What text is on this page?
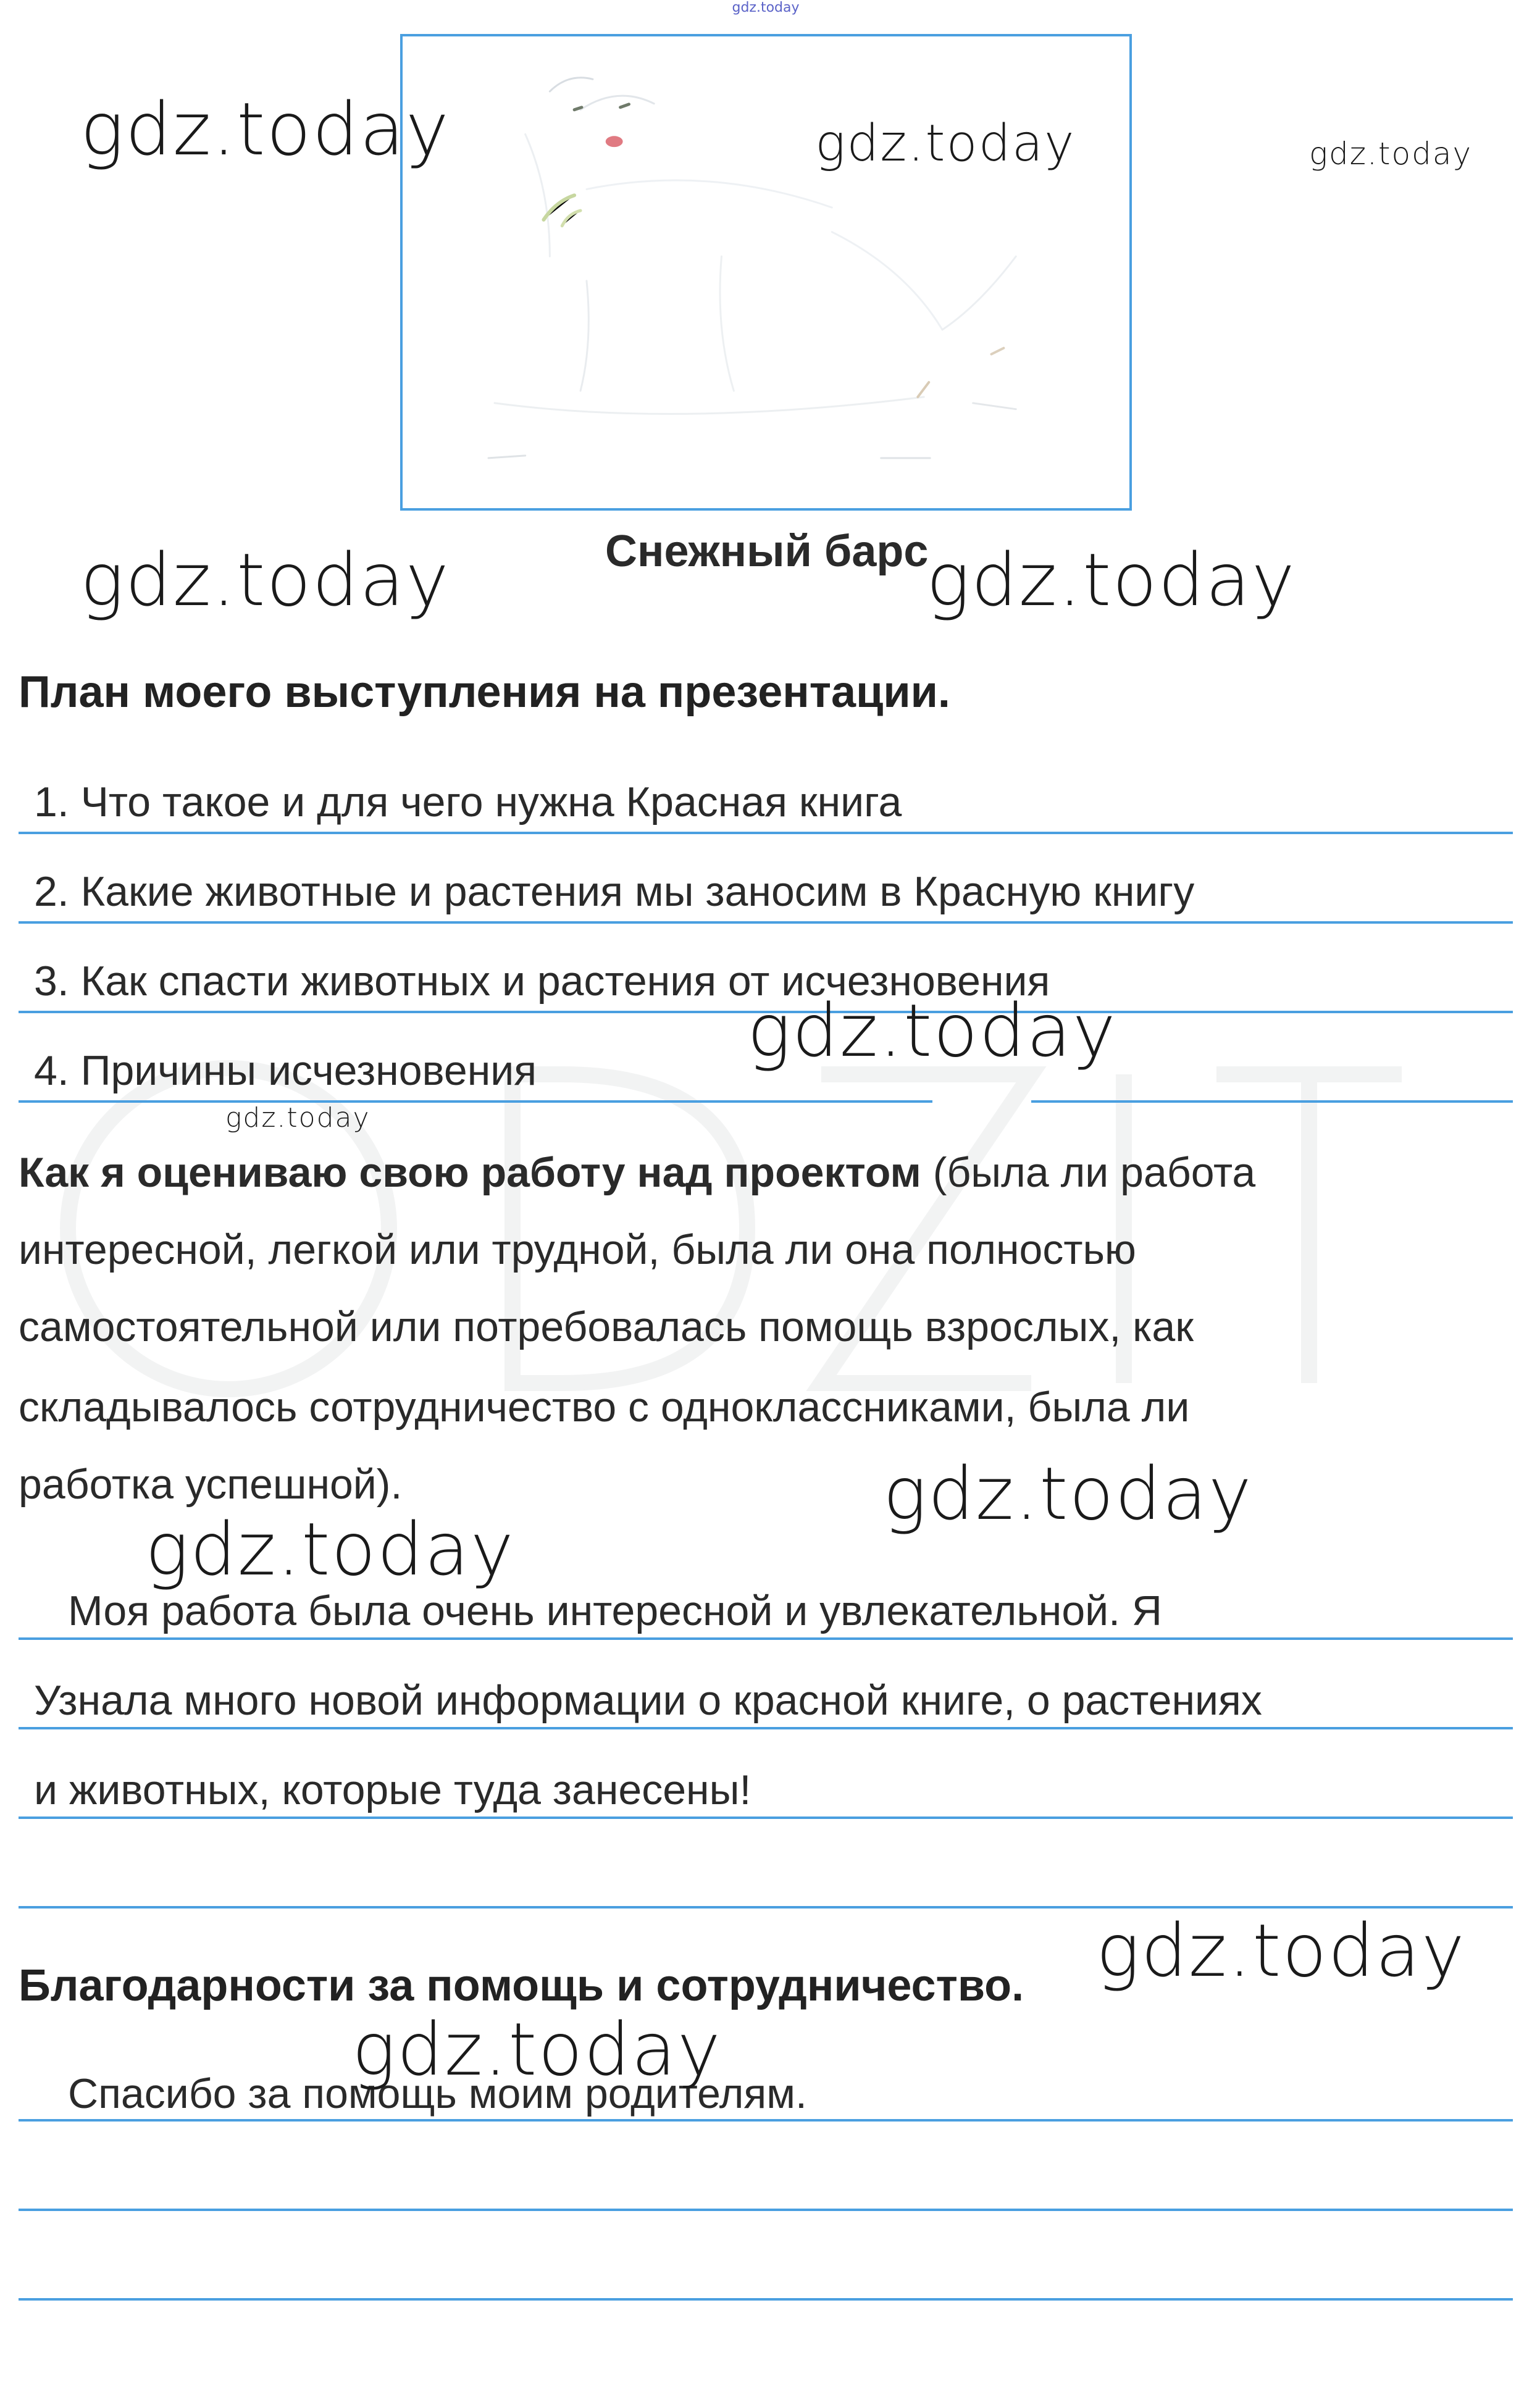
gdz.today
Снежный барс
План моего выступления на презентации.
1. Что такое и для чего нужна Красная книга
2. Какие животные и растения мы заносим в Красную книгу
3. Как спасти животных и растения от исчезновения
4. Причины исчезновения
Как я оцениваю свою работу над проектом (была ли работа
интересной, легкой или трудной, была ли она полностью
самостоятельной или потребовалась помощь взрослых, как
складывалось сотрудничество с одноклассниками, была ли
работка успешной).
Моя работа была очень интересной и увлекательной. Я
Узнала много новой информации о красной книге, о растениях
и животных, которые туда занесены!
Благодарности за помощь и сотрудничество.
Спасибо за помощь моим родителям.
gdz.today	gdz.today	gdz.today
gdz.today	gdz.today
gdz.today
gdz.today
gdz.today
gdz.today
gdz.today
gdz.today
